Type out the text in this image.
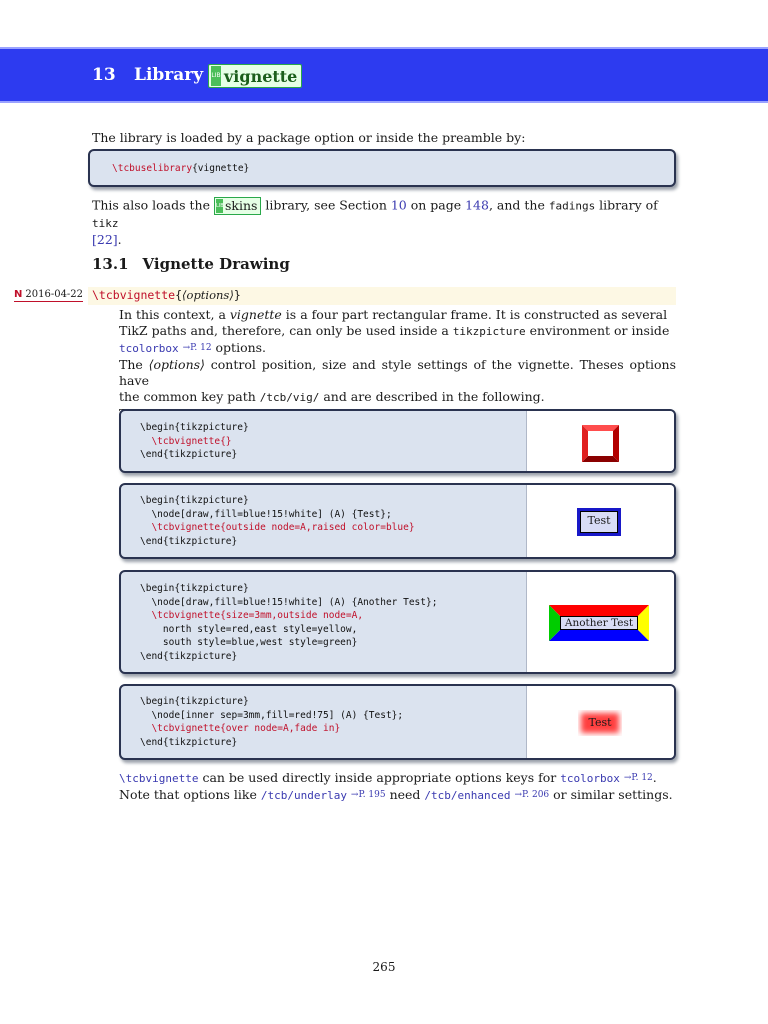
13 Library LIB vignette
The library is loaded by a package option or inside the preamble by:
\tcbuselibrary{vignette}
This also loads the LIB skins library, see Section 10 on page 148, and the fadings library of tikz
[22].
13.1 Vignette Drawing
N 2016-04-22 \tcbvignette{⟨options⟩}
In this context, a vignette is a four part rectangular frame. It is constructed as several
TikZ paths and, therefore, can only be used inside a tikzpicture environment or inside
tcolorbox $^{\to P. 12}$ options.
The ⟨options⟩ control position, size and style settings of the vignette. Theses options have
the common key path /tcb/vig/ and are described in the following.
\begin{tikzpicture}
\tcbvignette{}
\end{tikzpicture}
\begin{tikzpicture}
\node[draw,fill=blue!15!white] (A) {Test};
\tcbvignette{outside node=A,raised color=blue}
\end{tikzpicture}
Test
\begin{tikzpicture}
\node[draw,fill=blue!15!white] (A) {Another Test};
\tcbvignette{size=3mm,outside node=A,
north style=red,east style=yellow,
south style=blue,west style=green}
\end{tikzpicture}
Another Test
\begin{tikzpicture}
\node[inner sep=3mm,fill=red!75] (A) {Test};
\tcbvignette{over node=A,fade in}
\end{tikzpicture}
Test
\tcbvignette can be used directly inside appropriate options keys for tcolorbox $^{\to P. 12}$.
Note that options like /tcb/underlay $^{\to P. 195}$ need /tcb/enhanced $^{\to P. 206}$ or similar settings.
265
